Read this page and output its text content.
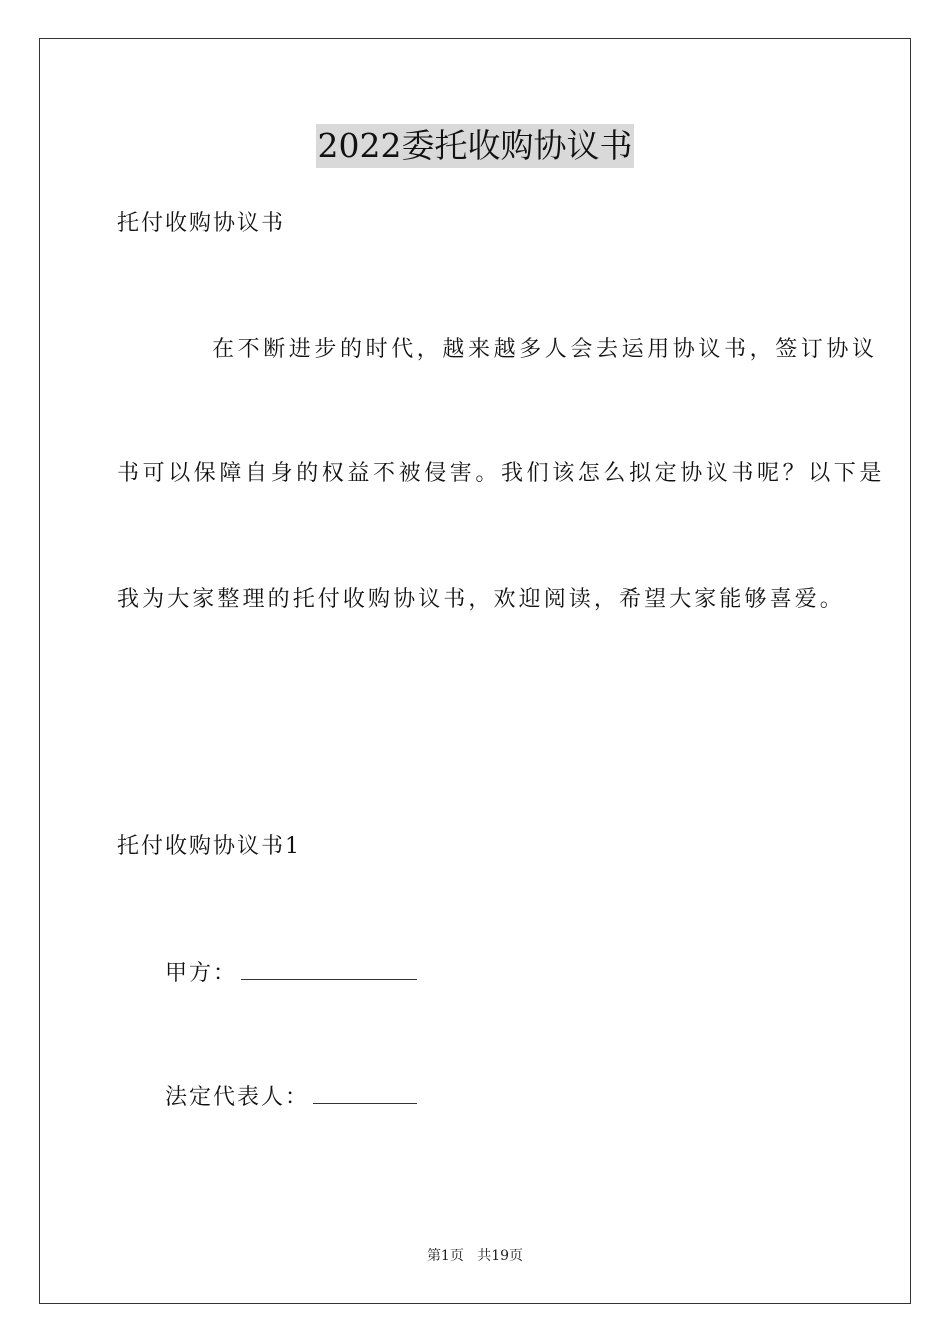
2022委托收购协议书
托付收购协议书
在不断进步的时代，越来越多人会去运用协议书，签订协议
书可以保障自身的权益不被侵害。我们该怎么拟定协议书呢？以下是
我为大家整理的托付收购协议书，欢迎阅读，希望大家能够喜爱。
托付收购协议书1
甲方：
法定代表人：
第1页 共19页
